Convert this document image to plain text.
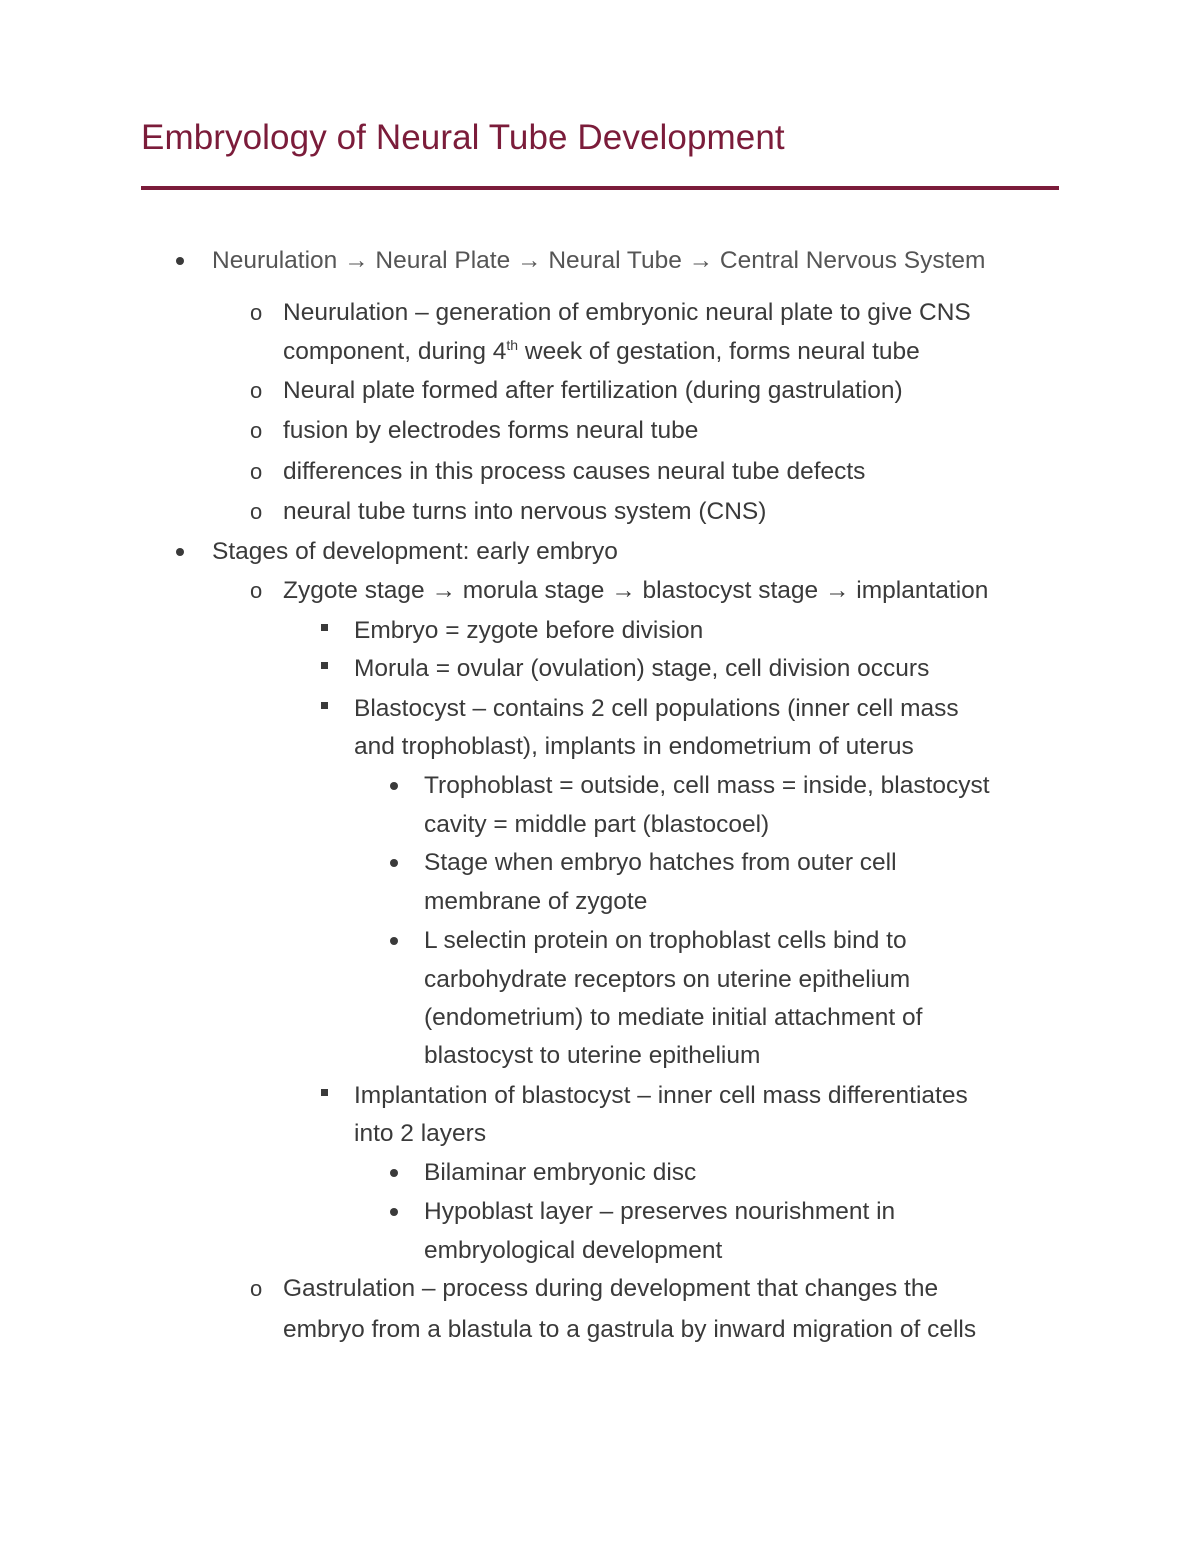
Embryology of Neural Tube Development
Neurulation → Neural Plate → Neural Tube → Central Nervous System
o Neurulation – generation of embryonic neural plate to give CNS
component, during 4th week of gestation, forms neural tube
o Neural plate formed after fertilization (during gastrulation)
o fusion by electrodes forms neural tube
o differences in this process causes neural tube defects
o neural tube turns into nervous system (CNS)
Stages of development: early embryo
o Zygote stage → morula stage → blastocyst stage → implantation
Embryo = zygote before division
Morula = ovular (ovulation) stage, cell division occurs
Blastocyst – contains 2 cell populations (inner cell mass
and trophoblast), implants in endometrium of uterus
Trophoblast = outside, cell mass = inside, blastocyst
cavity = middle part (blastocoel)
Stage when embryo hatches from outer cell
membrane of zygote
L selectin protein on trophoblast cells bind to
carbohydrate receptors on uterine epithelium
(endometrium) to mediate initial attachment of
blastocyst to uterine epithelium
Implantation of blastocyst – inner cell mass differentiates
into 2 layers
Bilaminar embryonic disc
Hypoblast layer – preserves nourishment in
embryological development
o Gastrulation – process during development that changes the
embryo from a blastula to a gastrula by inward migration of cells
